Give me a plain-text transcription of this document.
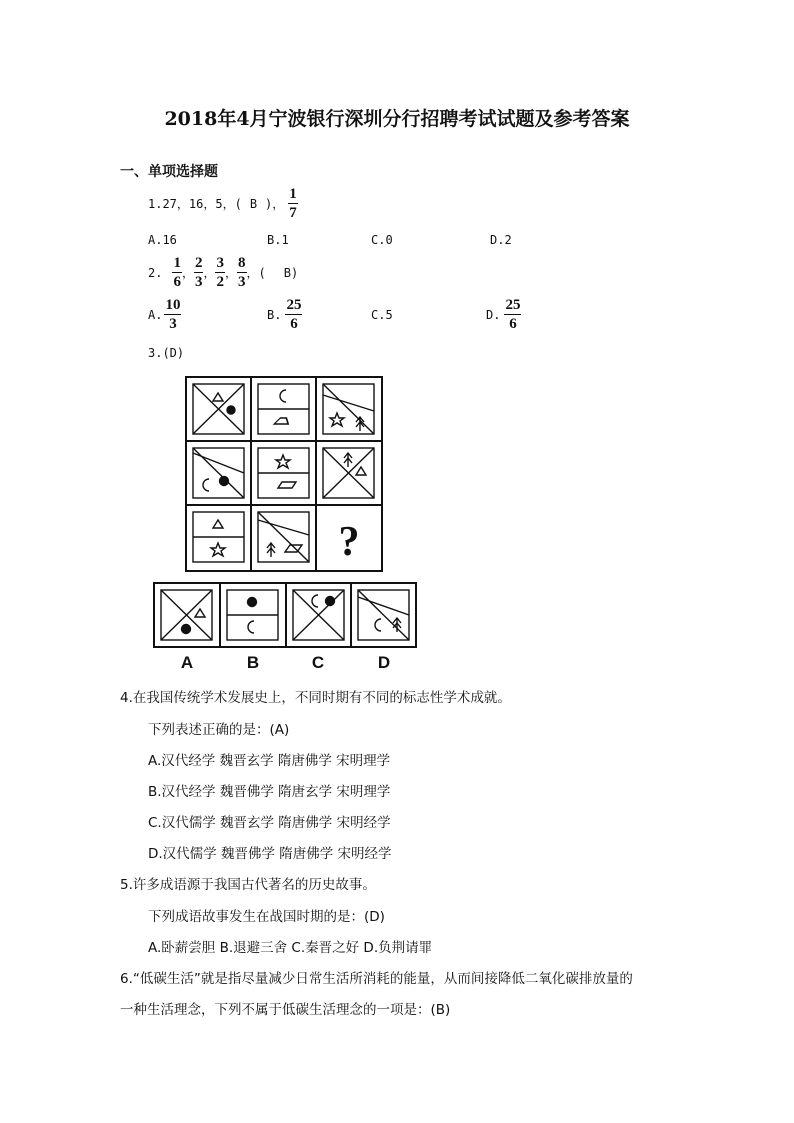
2018年4月宁波银行深圳分行招聘考试试题及参考答案
一、单项选择题
1.27，16，5，( B )， $\frac{1}{7}$
A.16	B.1	C.0	D.2
2. $\frac{1}{6}$ ， $\frac{2}{3}$ ， $\frac{3}{2}$ ， $\frac{8}{3}$ ，( B)
A. $\frac{10}{3}$	B. $\frac{25}{6}$	C.5	D. $\frac{25}{6}$
3.(D)
?
A	B	C	D
4.在我国传统学术发展史上，不同时期有不同的标志性学术成就。
下列表述正确的是：(A)
A.汉代经学 魏晋玄学 隋唐佛学 宋明理学
B.汉代经学 魏晋佛学 隋唐玄学 宋明理学
C.汉代儒学 魏晋玄学 隋唐佛学 宋明经学
D.汉代儒学 魏晋佛学 隋唐佛学 宋明经学
5.许多成语源于我国古代著名的历史故事。
下列成语故事发生在战国时期的是：(D)
A.卧薪尝胆 B.退避三舍 C.秦晋之好 D.负荆请罪
6.“低碳生活”就是指尽量减少日常生活所消耗的能量，从而间接降低二氧化碳排放量的
一种生活理念，下列不属于低碳生活理念的一项是：(B)
